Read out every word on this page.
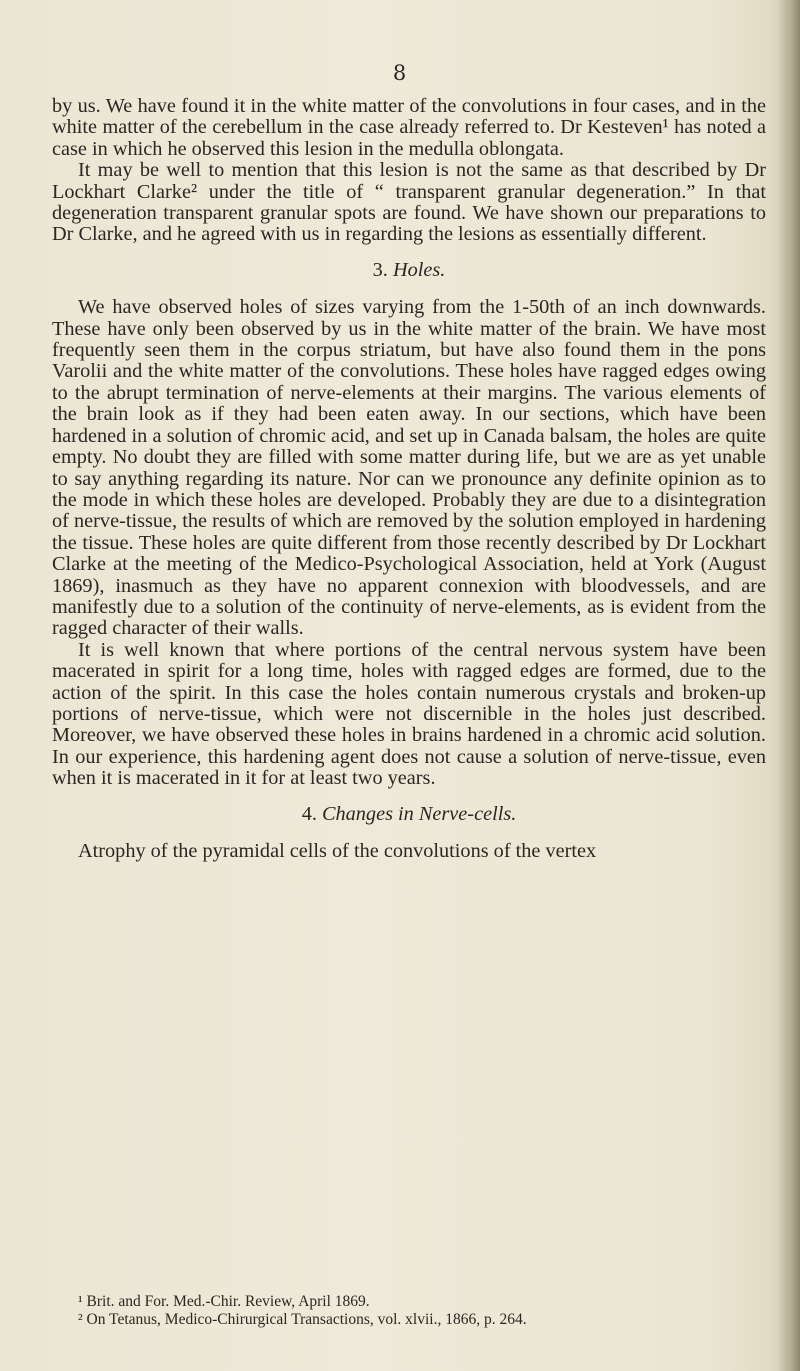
8

by us. We have found it in the white matter of the convolutions in four cases, and in the white matter of the cerebellum in the case already referred to. Dr Kesteven¹ has noted a case in which he observed this lesion in the medulla oblongata.

It may be well to mention that this lesion is not the same as that described by Dr Lockhart Clarke² under the title of “ transparent granular degeneration.” In that degeneration transparent granular spots are found. We have shown our preparations to Dr Clarke, and he agreed with us in regarding the lesions as essentially different.

3. Holes.

We have observed holes of sizes varying from the 1-50th of an inch downwards. These have only been observed by us in the white matter of the brain. We have most frequently seen them in the corpus striatum, but have also found them in the pons Varolii and the white matter of the convolutions. These holes have ragged edges owing to the abrupt termination of nerve-elements at their margins. The various elements of the brain look as if they had been eaten away. In our sections, which have been hardened in a solution of chromic acid, and set up in Canada balsam, the holes are quite empty. No doubt they are filled with some matter during life, but we are as yet unable to say anything regarding its nature. Nor can we pronounce any definite opinion as to the mode in which these holes are developed. Probably they are due to a disintegration of nerve-tissue, the results of which are removed by the solution employed in hardening the tissue. These holes are quite different from those recently described by Dr Lockhart Clarke at the meeting of the Medico-Psychological Association, held at York (August 1869), inasmuch as they have no apparent connexion with bloodvessels, and are manifestly due to a solution of the continuity of nerve-elements, as is evident from the ragged character of their walls.

It is well known that where portions of the central nervous system have been macerated in spirit for a long time, holes with ragged edges are formed, due to the action of the spirit. In this case the holes contain numerous crystals and broken-up portions of nerve-tissue, which were not discernible in the holes just described. Moreover, we have observed these holes in brains hardened in a chromic acid solution. In our experience, this hardening agent does not cause a solution of nerve-tissue, even when it is macerated in it for at least two years.

4. Changes in Nerve-cells.

Atrophy of the pyramidal cells of the convolutions of the vertex

¹ Brit. and For. Med.-Chir. Review, April 1869.
² On Tetanus, Medico-Chirurgical Transactions, vol. xlvii., 1866, p. 264.
